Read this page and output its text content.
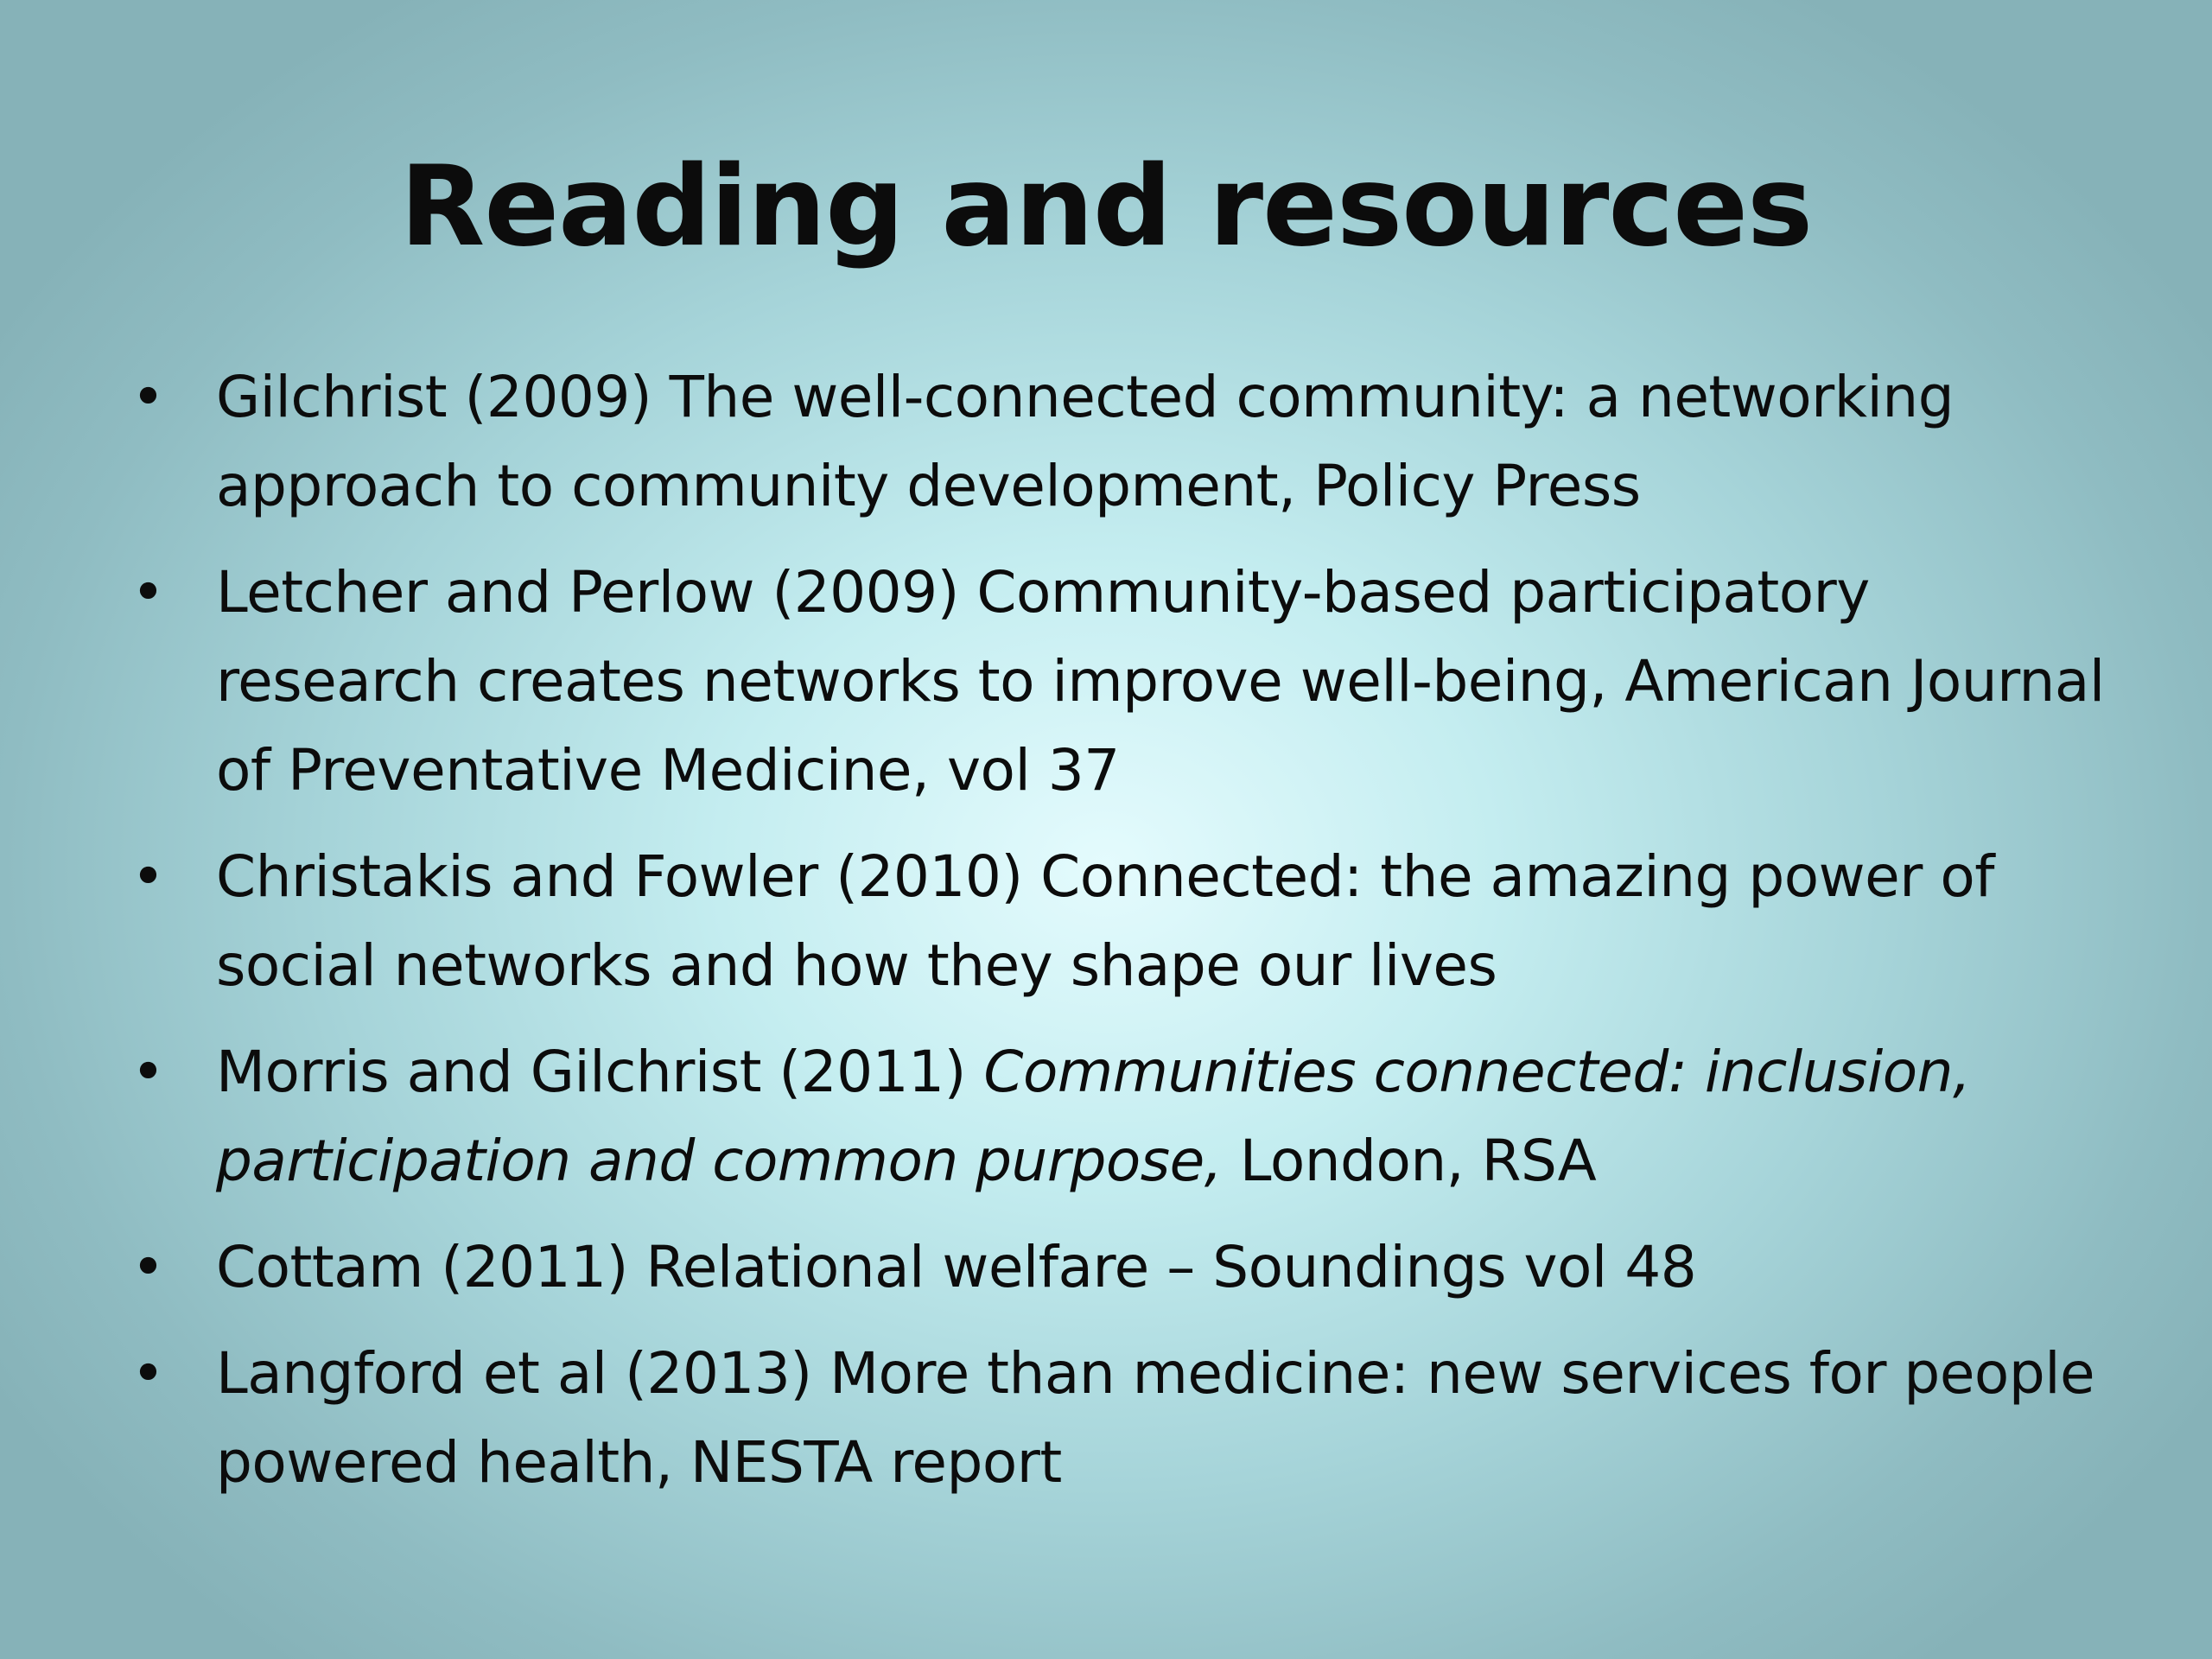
Reading and resources
• Gilchrist (2009) The well-connected community: a networking approach to community development, Policy Press
• Letcher and Perlow (2009) Community-based participatory research creates networks to improve well-being, American Journal of Preventative Medicine, vol 37
• Christakis and Fowler (2010) Connected: the amazing power of social networks and how they shape our lives
• Morris and Gilchrist (2011) Communities connected: inclusion, participation and common purpose, London, RSA
• Cottam (2011) Relational welfare – Soundings vol 48
• Langford et al (2013) More than medicine: new services for people powered health, NESTA report
